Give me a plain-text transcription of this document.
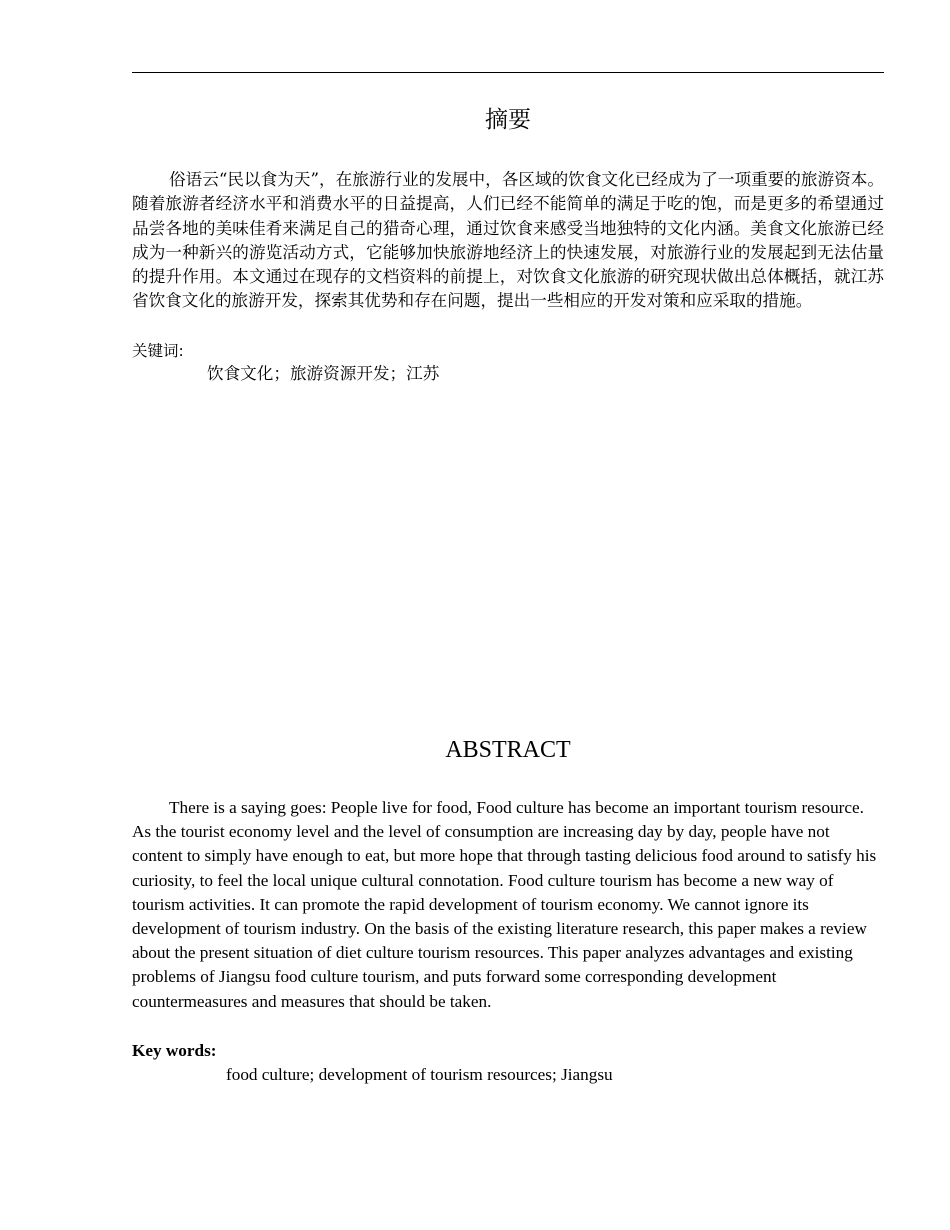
摘要

俗语云“民以食为天”，在旅游行业的发展中，各区域的饮食文化已经成为了一项重要的旅游资本。随着旅游者经济水平和消费水平的日益提高，人们已经不能简单的满足于吃的饱，而是更多的希望通过品尝各地的美味佳肴来满足自己的猎奇心理，通过饮食来感受当地独特的文化内涵。美食文化旅游已经成为一种新兴的游览活动方式，它能够加快旅游地经济上的快速发展，对旅游行业的发展起到无法估量的提升作用。本文通过在现存的文档资料的前提上，对饮食文化旅游的研究现状做出总体概括，就江苏省饮食文化的旅游开发，探索其优势和存在问题，提出一些相应的开发对策和应采取的措施。

关键词:
饮食文化；旅游资源开发；江苏
ABSTRACT

There is a saying goes: People live for food, Food culture has become an important tourism resource. As the tourist economy level and the level of consumption are increasing day by day, people have not content to simply have enough to eat, but more hope that through tasting delicious food around to satisfy his curiosity, to feel the local unique cultural connotation. Food culture tourism has become a new way of tourism activities. It can promote the rapid development of tourism economy. We cannot ignore its development of tourism industry. On the basis of the existing literature research, this paper makes a review about the present situation of diet culture tourism resources. This paper analyzes advantages and existing problems of Jiangsu food culture tourism, and puts forward some corresponding development countermeasures and measures that should be taken.

Key words:
food culture; development of tourism resources; Jiangsu
